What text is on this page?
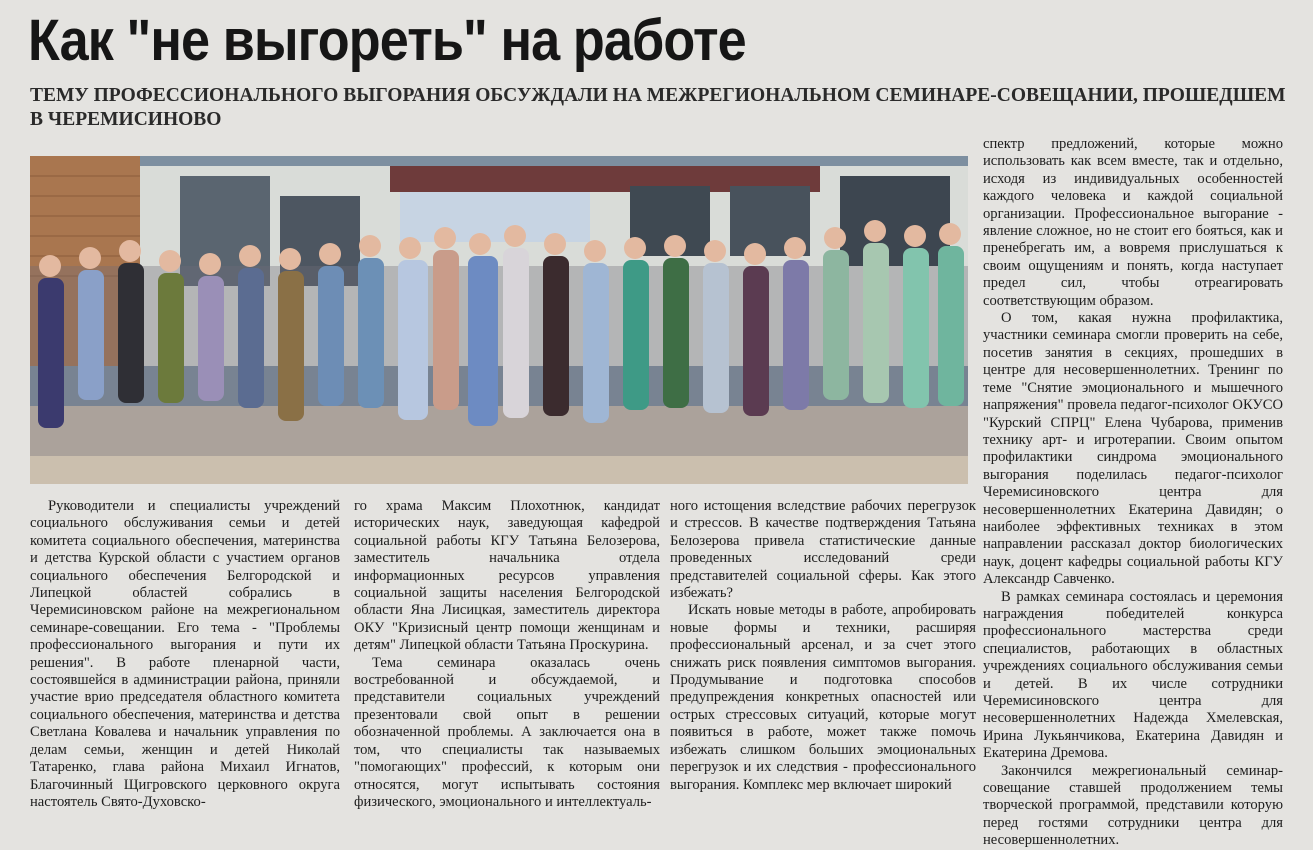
Как "не выгореть" на работе
ТЕМУ ПРОФЕССИОНАЛЬНОГО ВЫГОРАНИЯ ОБСУЖДАЛИ НА МЕЖРЕГИОНАЛЬНОМ СЕМИНАРЕ-СОВЕЩАНИИ, ПРОШЕДШЕМ В ЧЕРЕМИСИНОВО

Руководители и специалисты учреждений социального обслуживания семьи и детей комитета социального обеспечения, материнства и детства Курской области с участием органов социального обеспечения Белгородской и Липецкой областей собрались в Черемисиновском районе на межрегиональном семинаре-совещании. Его тема - "Проблемы профессионального выгорания и пути их решения". В работе пленарной части, состоявшейся в администрации района, приняли участие врио председателя областного комитета социального обеспечения, материнства и детства Светлана Ковалева и начальник управления по делам семьи, женщин и детей Николай Татаренко, глава района Михаил Игнатов, Благочинный Щигровского церковного округа настоятель Свято-Духовско-

го храма Максим Плохотнюк, кандидат исторических наук, заведующая кафедрой социальной работы КГУ Татьяна Белозерова, заместитель начальника отдела информационных ресурсов управления социальной защиты населения Белгородской области Яна Лисицкая, заместитель директора ОКУ "Кризисный центр помощи женщинам и детям" Липецкой области Татьяна Проскурина.

Тема семинара оказалась очень востребованной и обсуждаемой, и представители социальных учреждений презентовали свой опыт в решении обозначенной проблемы. А заключается она в том, что специалисты так называемых "помогающих" профессий, к которым они относятся, могут испытывать состояния физического, эмоционального и интеллектуаль-

ного истощения вследствие рабочих перегрузок и стрессов. В качестве подтверждения Татьяна Белозерова привела статистические данные проведенных исследований среди представителей социальной сферы. Как этого избежать?

Искать новые методы в работе, апробировать новые формы и техники, расширяя профессиональный арсенал, и за счет этого снижать риск появления симптомов выгорания. Продумывание и подготовка способов предупреждения конкретных опасностей или острых стрессовых ситуаций, которые могут появиться в работе, может также помочь избежать слишком больших эмоциональных перегрузок и их следствия - профессионального выгорания. Комплекс мер включает широкий

спектр предложений, которые можно использовать как всем вместе, так и отдельно, исходя из индивидуальных особенностей каждого человека и каждой социальной организации. Профессиональное выгорание - явление сложное, но не стоит его бояться, как и пренебрегать им, а вовремя прислушаться к своим ощущениям и понять, когда наступает предел сил, чтобы отреагировать соответствующим образом.

О том, какая нужна профилактика, участники семинара смогли проверить на себе, посетив занятия в секциях, прошедших в центре для несовершеннолетних. Тренинг по теме "Снятие эмоционального и мышечного напряжения" провела педагог-психолог ОКУСО "Курский СПРЦ" Елена Чубарова, применив технику арт- и игротерапии. Своим опытом профилактики синдрома эмоционального выгорания поделилась педагог-психолог Черемисиновского центра для несовершеннолетних Екатерина Давидян; о наиболее эффективных техниках в этом направлении рассказал доктор биологических наук, доцент кафедры социальной работы КГУ Александр Савченко.

В рамках семинара состоялась и церемония награждения победителей конкурса профессионального мастерства среди специалистов, работающих в областных учреждениях социального обслуживания семьи и детей. В их числе сотрудники Черемисиновского центра для несовершеннолетних Надежда Хмелевская, Ирина Лукьянчикова, Екатерина Давидян и Екатерина Дремова.

Закончился межрегиональный семинар-совещание ставшей продолжением темы творческой программой, представили которую перед гостями сотрудники центра для несовершеннолетних.
